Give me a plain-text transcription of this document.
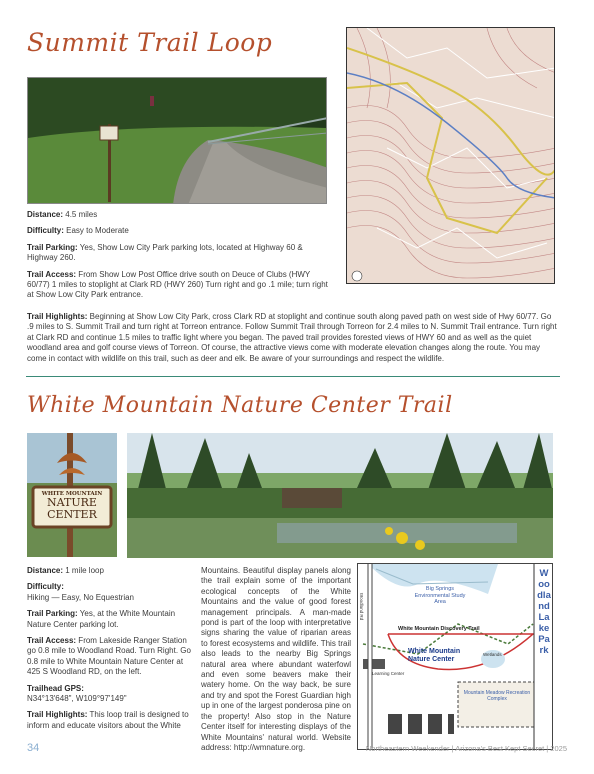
Summit Trail Loop
Distance: 4.5 miles
Difficulty: Easy to Moderate
Trail Parking: Yes, Show Low City Park parking lots, located at Highway 60 & Highway 260.
Trail Access: From Show Low Post Office drive south on Deuce of Clubs (HWY 60/77) 1 miles to stoplight at Clark RD (HWY 260) Turn right and go .1 mile; turn right at Show Low City Park entrance.
Trail Highlights: Beginning at Show Low City Park, cross Clark RD at stoplight and continue south along paved path on west side of Hwy 60/77. Go .9 miles to S. Summit Trail and turn right at Torreon entrance. Follow Summit Trail through Torreon for 2.4 miles to N. Summit Trail entrance. Turn right at Clark RD and continue 1.5 miles to traffic light where you began. The paved trail provides forested views of HWY 60 and as well as the quiet woodland area and golf course views of Torreon. Of course, the attractive views come with moderate elevation changes along the route. You may come in contact with wildlife on this trail, such as deer and elk. Be aware of your surroundings and respect the wildlife.
White Mountain Nature Center Trail
WHITE MOUNTAIN
NATURE
CENTER
Distance: 1 mile loop
Difficulty:
Hiking — Easy, No Equestrian
Trail Parking: Yes, at the White Mountain Nature Center parking lot.
Trail Access: From Lakeside Ranger Station go 0.8 mile to Woodland Road. Turn Right. Go 0.8 mile to White Mountain Nature Center at 425 S Woodland RD, on the left.
Trailhead GPS:
N34°13'648", W109°97'149"
Trail Highlights: This loop trail is designed to inform and educate visitors about the White
Mountains. Beautiful display panels along the trail explain some of the important ecological concepts of the White Mountains and the value of good forest management principals. A man-made pond is part of the loop with interpretative signs sharing the value of riparian areas to forest ecosystems and wildlife. This trail also leads to the nearby Big Springs natural area where abundant waterfowl and even some beavers make their watery home. On the way back, be sure and try and spot the Forest Guardian high up in one of the largest ponderosa pine on the property! Also stop in the Nature Center itself for interesting displays of the White Mountains' natural world. Website address: http://wmnature.org.
Big Springs Environmental Study Area
White Mountain Discovery Trail
White Mountain Nature Center
Wetlands
Learning Center
Mountain Meadow Recreation Complex
Woodland Rd
Woodland Lake Park
34	Northeastern Weekender | Arizona's Best Kept Secret | 2025
